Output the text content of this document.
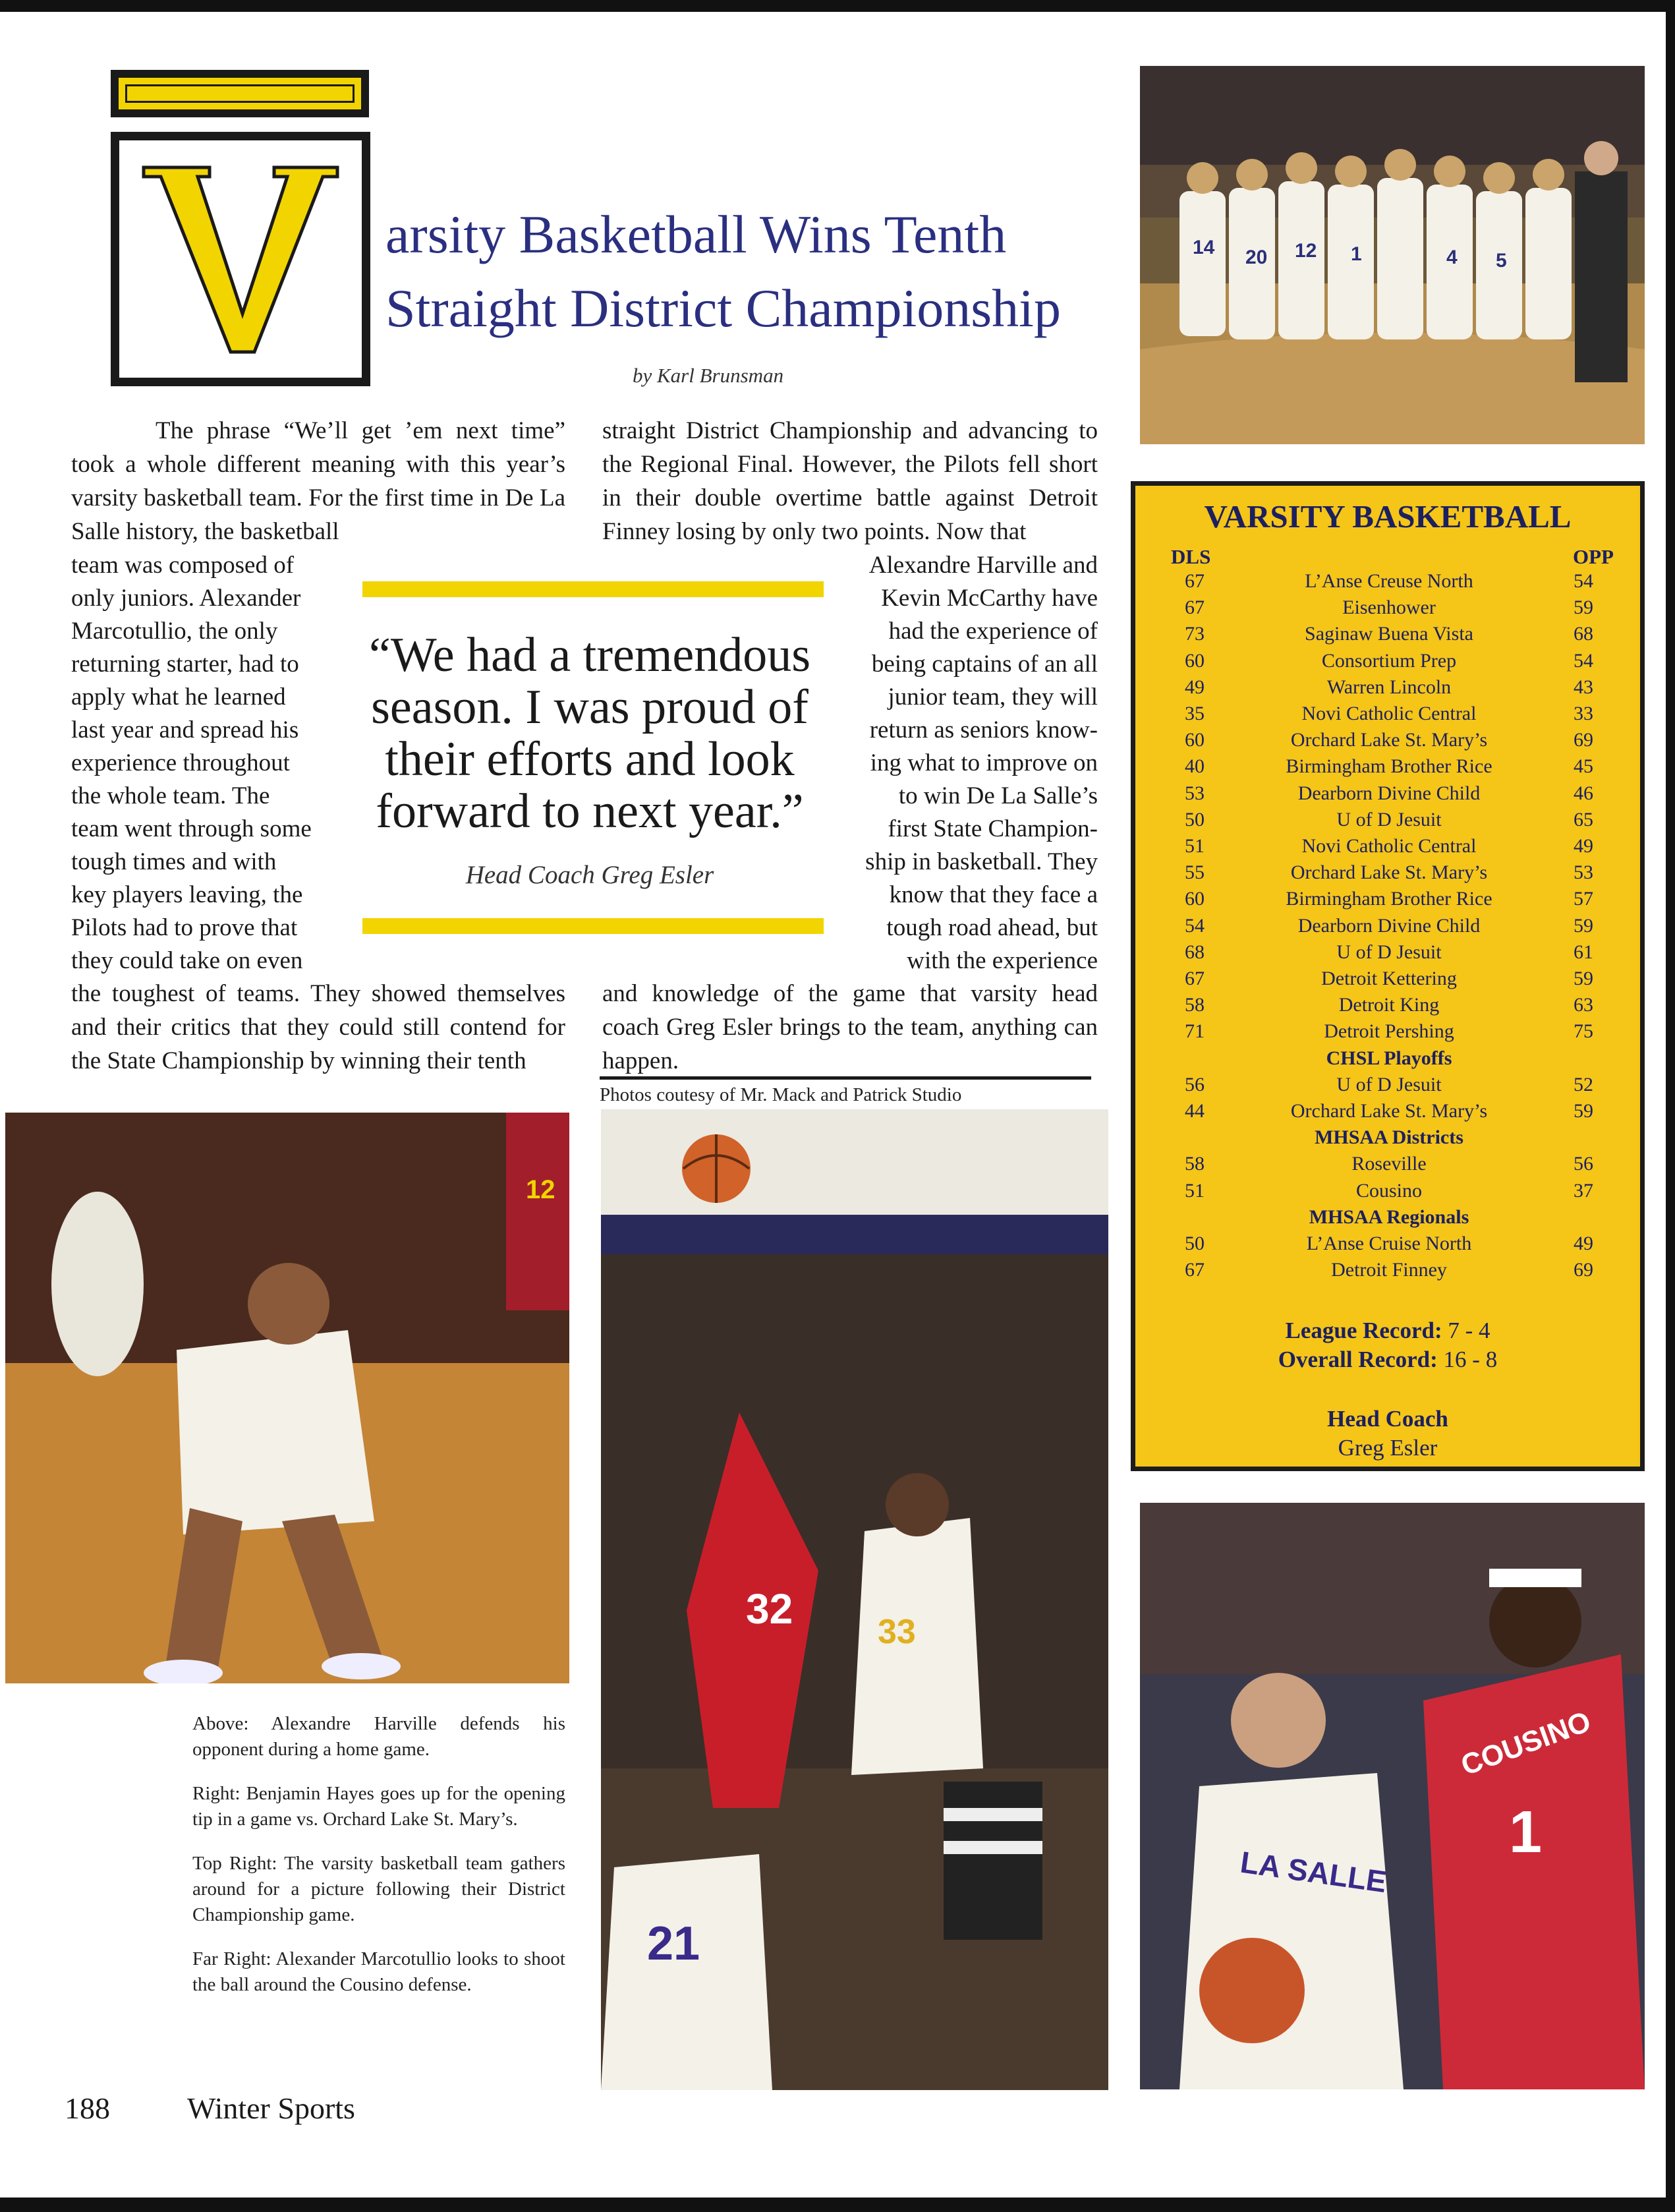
V	arsity Basketball Wins Tenth
Straight District Championship
by Karl Brunsman

The phrase “We’ll get ’em next time” took a whole different meaning with this year’s varsity basketball team. For the first time in De La Salle history, the basketball

team was composed of
only juniors. Alexander
Marcotullio, the only
returning starter, had to
apply what he learned
last year and spread his
experience throughout
the whole team. The
team went through some
tough times and with
key players leaving, the
Pilots had to prove that
they could take on even

the toughest of teams. They showed themselves and their critics that they could still contend for the State Championship by winning their tenth

straight District Championship and advancing to the Regional Final. However, the Pilots fell short in their double overtime battle against Detroit Finney losing by only two points. Now that

Alexandre Harville and
Kevin McCarthy have
had the experience of
being captains of an all
junior team, they will
return as seniors know-
ing what to improve on
to win De La Salle’s
first State Champion-
ship in basketball. They
know that they face a
tough road ahead, but
with the experience

and knowledge of the game that varsity head coach Greg Esler brings to the team, anything can happen.

“We had a tremendous season. I was proud of their efforts and look forward to next year.”
Head Coach Greg Esler
Photos coutesy of Mr. Mack and Patrick Studio
14 20 12 1	4 5
VARSITY BASKETBALL
DLS	OPP
67	L’Anse Creuse North	54
67	Eisenhower	59
73	Saginaw Buena Vista	68
60	Consortium Prep	54
49	Warren Lincoln	43
35	Novi Catholic Central	33
60	Orchard Lake St. Mary’s	69
40	Birmingham Brother Rice	45
53	Dearborn Divine Child	46
50	U of D Jesuit	65
51	Novi Catholic Central	49
55	Orchard Lake St. Mary’s	53
60	Birmingham Brother Rice	57
54	Dearborn Divine Child	59
68	U of D Jesuit	61
67	Detroit Kettering	59
58	Detroit King	63
71	Detroit Pershing	75
CHSL Playoffs
56	U of D Jesuit	52
44	Orchard Lake St. Mary’s	59
MHSAA Districts
58	Roseville	56
51	Cousino	37
MHSAA Regionals
50	L’Anse Cruise North	49
67	Detroit Finney	69
League Record: 7 - 4
Overall Record: 16 - 8
Head Coach
Greg Esler
12
32 33
21
COUSINO
1
LA SALLE

Above: Alexandre Harville defends his opponent during a home game.

Right: Benjamin Hayes goes up for the opening tip in a game vs. Orchard Lake St. Mary’s.

Top Right: The varsity basketball team gathers around for a picture following their District Championship game.

Far Right: Alexander Marcotullio looks to shoot the ball around the Cousino defense.

188	Winter Sports
